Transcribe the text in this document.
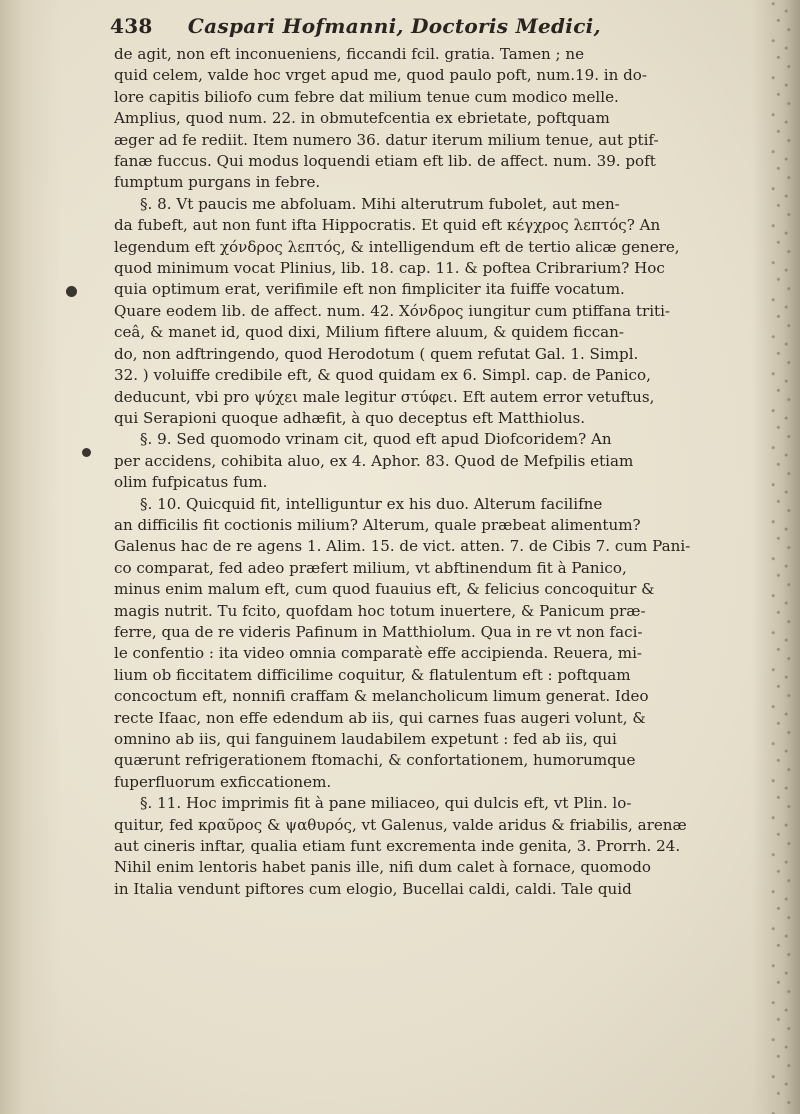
438 Caspari Hofmanni, Doctoris Medici,
de agit, non eft inconueniens, ficcandi fcil. gratia. Tamen ; ne
quid celem, valde hoc vrget apud me, quod paulo poft, num.19. in do-
lore capitis biliofo cum febre dat milium tenue cum modico melle.
Amplius, quod num. 22. in obmutefcentia ex ebrietate, poftquam
æger ad fe rediit. Item numero 36. datur iterum milium tenue, aut ptif-
fanæ fuccus. Qui modus loquendi etiam eft lib. de affect. num. 39. poft
fumptum purgans in febre.
§. 8. Vt paucis me abfoluam. Mihi alterutrum fubolet, aut men-
da fubeft, aut non funt ifta Hippocratis. Et quid eft κέγχρος λεπτός? An
legendum eft χόνδρος λεπτός, & intelligendum eft de tertio alicæ genere,
quod minimum vocat Plinius, lib. 18. cap. 11. & poftea Cribrarium? Hoc
quia optimum erat, verifimile eft non fimpliciter ita fuiffe vocatum.
Quare eodem lib. de affect. num. 42. Χόνδρος iungitur cum ptiffana triti-
ceâ, & manet id, quod dixi, Milium fiftere aluum, & quidem ficcan-
do, non adftringendo, quod Herodotum ( quem refutat Gal. 1. Simpl.
32. ) voluiffe credibile eft, & quod quidam ex 6. Simpl. cap. de Panico,
deducunt, vbi pro ψύχει male legitur στύφει. Eft autem error vetuftus,
qui Serapioni quoque adhæfit, à quo deceptus eft Matthiolus.
§. 9. Sed quomodo vrinam cit, quod eft apud Diofcoridem? An
per accidens, cohibita aluo, ex 4. Aphor. 83. Quod de Mefpilis etiam
olim fufpicatus fum.
§. 10. Quicquid fit, intelliguntur ex his duo. Alterum facilifne
an difficilis fit coctionis milium? Alterum, quale præbeat alimentum?
Galenus hac de re agens 1. Alim. 15. de vict. atten. 7. de Cibis 7. cum Pani-
co comparat, fed adeo præfert milium, vt abftinendum fit à Panico,
minus enim malum eft, cum quod fuauius eft, & felicius concoquitur &
magis nutrit. Tu fcito, quofdam hoc totum inuertere, & Panicum præ-
ferre, qua de re videris Pafinum in Matthiolum. Qua in re vt non faci-
le confentio : ita video omnia comparatè effe accipienda. Reuera, mi-
lium ob ficcitatem difficilime coquitur, & flatulentum eft : poftquam
concoctum eft, nonnifi craffam & melancholicum limum generat. Ideo
recte Ifaac, non effe edendum ab iis, qui carnes fuas augeri volunt, &
omnino ab iis, qui fanguinem laudabilem expetunt : fed ab iis, qui
quærunt refrigerationem ftomachi, & confortationem, humorumque
fuperfluorum exficcationem.
§. 11. Hoc imprimis fit à pane miliaceo, qui dulcis eft, vt Plin. lo-
quitur, fed κραῦρος & ψαθυρός, vt Galenus, valde aridus & friabilis, arenæ
aut cineris inftar, qualia etiam funt excrementa inde genita, 3. Prorrh. 24.
Nihil enim lentoris habet panis ille, nifi dum calet à fornace, quomodo
in Italia vendunt piftores cum elogio, Bucellai caldi, caldi. Tale quid
